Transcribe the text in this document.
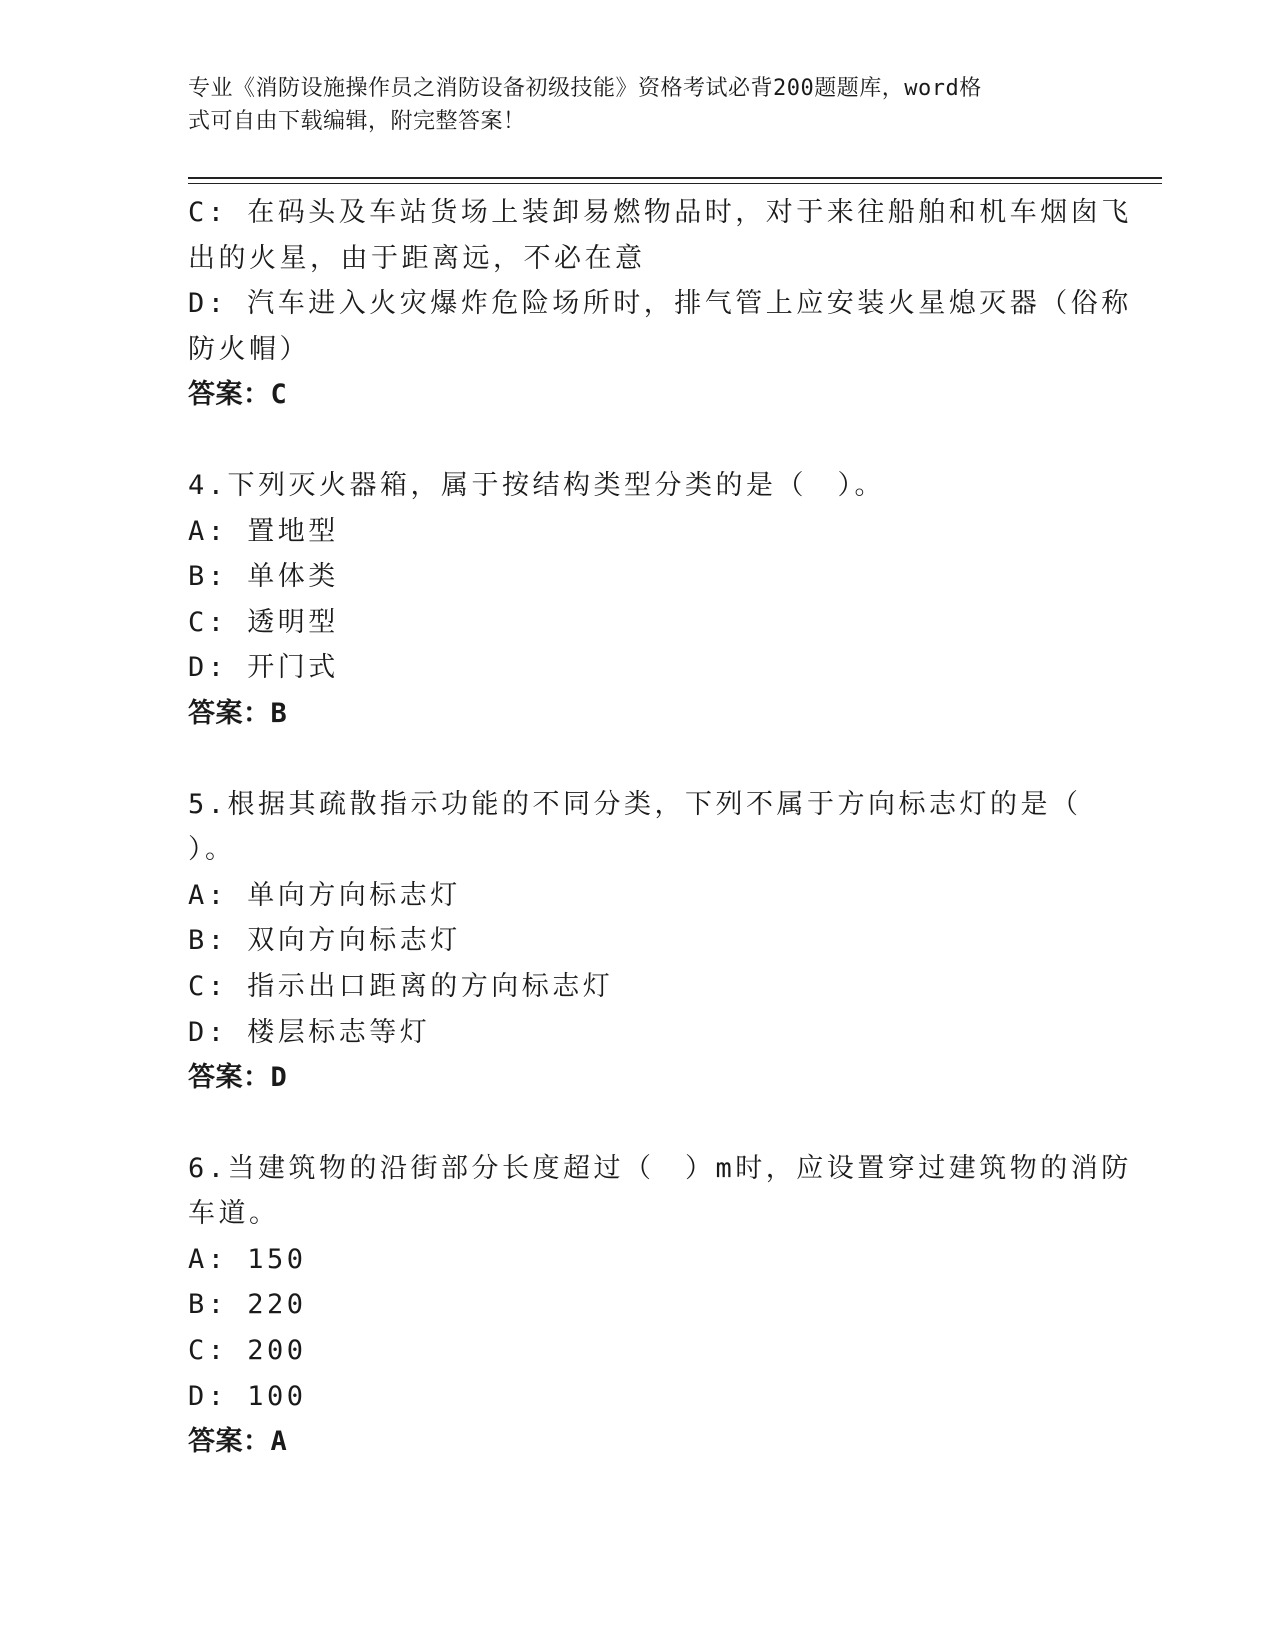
专业《消防设施操作员之消防设备初级技能》资格考试必背200题题库，word格
式可自由下载编辑，附完整答案！
C: 在码头及车站货场上装卸易燃物品时，对于来往船舶和机车烟囱飞
出的火星，由于距离远，不必在意
D: 汽车进入火灾爆炸危险场所时，排气管上应安装火星熄灭器（俗称
防火帽）
答案：C
4.下列灭火器箱，属于按结构类型分类的是（　）。
A: 置地型
B: 单体类
C: 透明型
D: 开门式
答案：B
5.根据其疏散指示功能的不同分类，下列不属于方向标志灯的是（
）。
A: 单向方向标志灯
B: 双向方向标志灯
C: 指示出口距离的方向标志灯
D: 楼层标志等灯
答案：D
6.当建筑物的沿街部分长度超过（　）m时，应设置穿过建筑物的消防
车道。
A: 150
B: 220
C: 200
D: 100
答案：A
